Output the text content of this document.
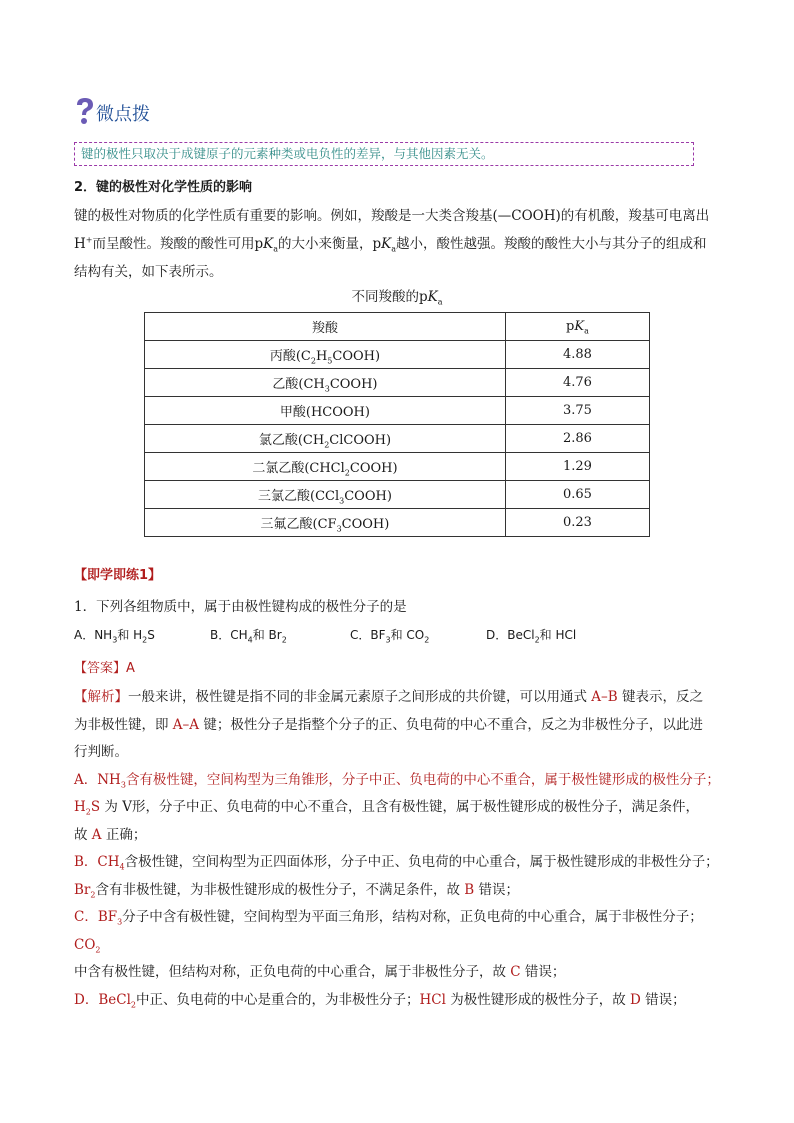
微点拨
键的极性只取决于成键原子的元素种类或电负性的差异，与其他因素无关。
2．键的极性对化学性质的影响

键的极性对物质的化学性质有重要的影响。例如，羧酸是一大类含羧基(—COOH)的有机酸，羧基可电离出

H+而呈酸性。羧酸的酸性可用$pK_a$的大小来衡量，$pK_a$越小，酸性越强。羧酸的酸性大小与其分子的组成和

结构有关，如下表所示。

不同羧酸的$pK_a$
羧酸	$pK_a$
丙酸$(C_2H_5COOH)$	4.88
乙酸$(CH_3COOH)$	4.76
甲酸(HCOOH)	3.75
氯乙酸$(CH_2ClCOOH)$	2.86
二氯乙酸(CHCl$_2$COOH)	1.29
三氯乙酸(CCl$_3$COOH)	0.65
三氟乙酸$(CF_3COOH)$	0.23
【即学即练1】
1．下列各组物质中，属于由极性键构成的极性分子的是
A．$NH_3$和 $H_2S$	B．$CH_4$和 $Br_2$	C．$BF_3$和 $CO_2$	D．BeCl$_2$和 HCl
【答案】A

【解析】一般来讲，极性键是指不同的非金属元素原子之间形成的共价键，可以用通式 A–B 键表示，反之

为非极性键，即 A–A 键；极性分子是指整个分子的正、负电荷的中心不重合，反之为非极性分子，以此进

行判断。

A．$NH_3$含有极性键，空间构型为三角锥形，分子中正、负电荷的中心不重合，属于极性键形成的极性分子；

$H_2S$ 为 V形，分子中正、负电荷的中心不重合，且含有极性键，属于极性键形成的极性分子，满足条件，

故 A 正确；

B．$CH_4$含极性键，空间构型为正四面体形，分子中正、负电荷的中心重合，属于极性键形成的非极性分子；

$Br_2$含有非极性键，为非极性键形成的极性分子，不满足条件，故 B 错误；

C．$BF_3$分子中含有极性键，空间构型为平面三角形，结构对称，正负电荷的中心重合，属于非极性分子；$CO_2$

中含有极性键，但结构对称，正负电荷的中心重合，属于非极性分子，故 C 错误；

D．BeCl$_2$中正、负电荷的中心是重合的，为非极性分子；HCl 为极性键形成的极性分子，故 D 错误；
